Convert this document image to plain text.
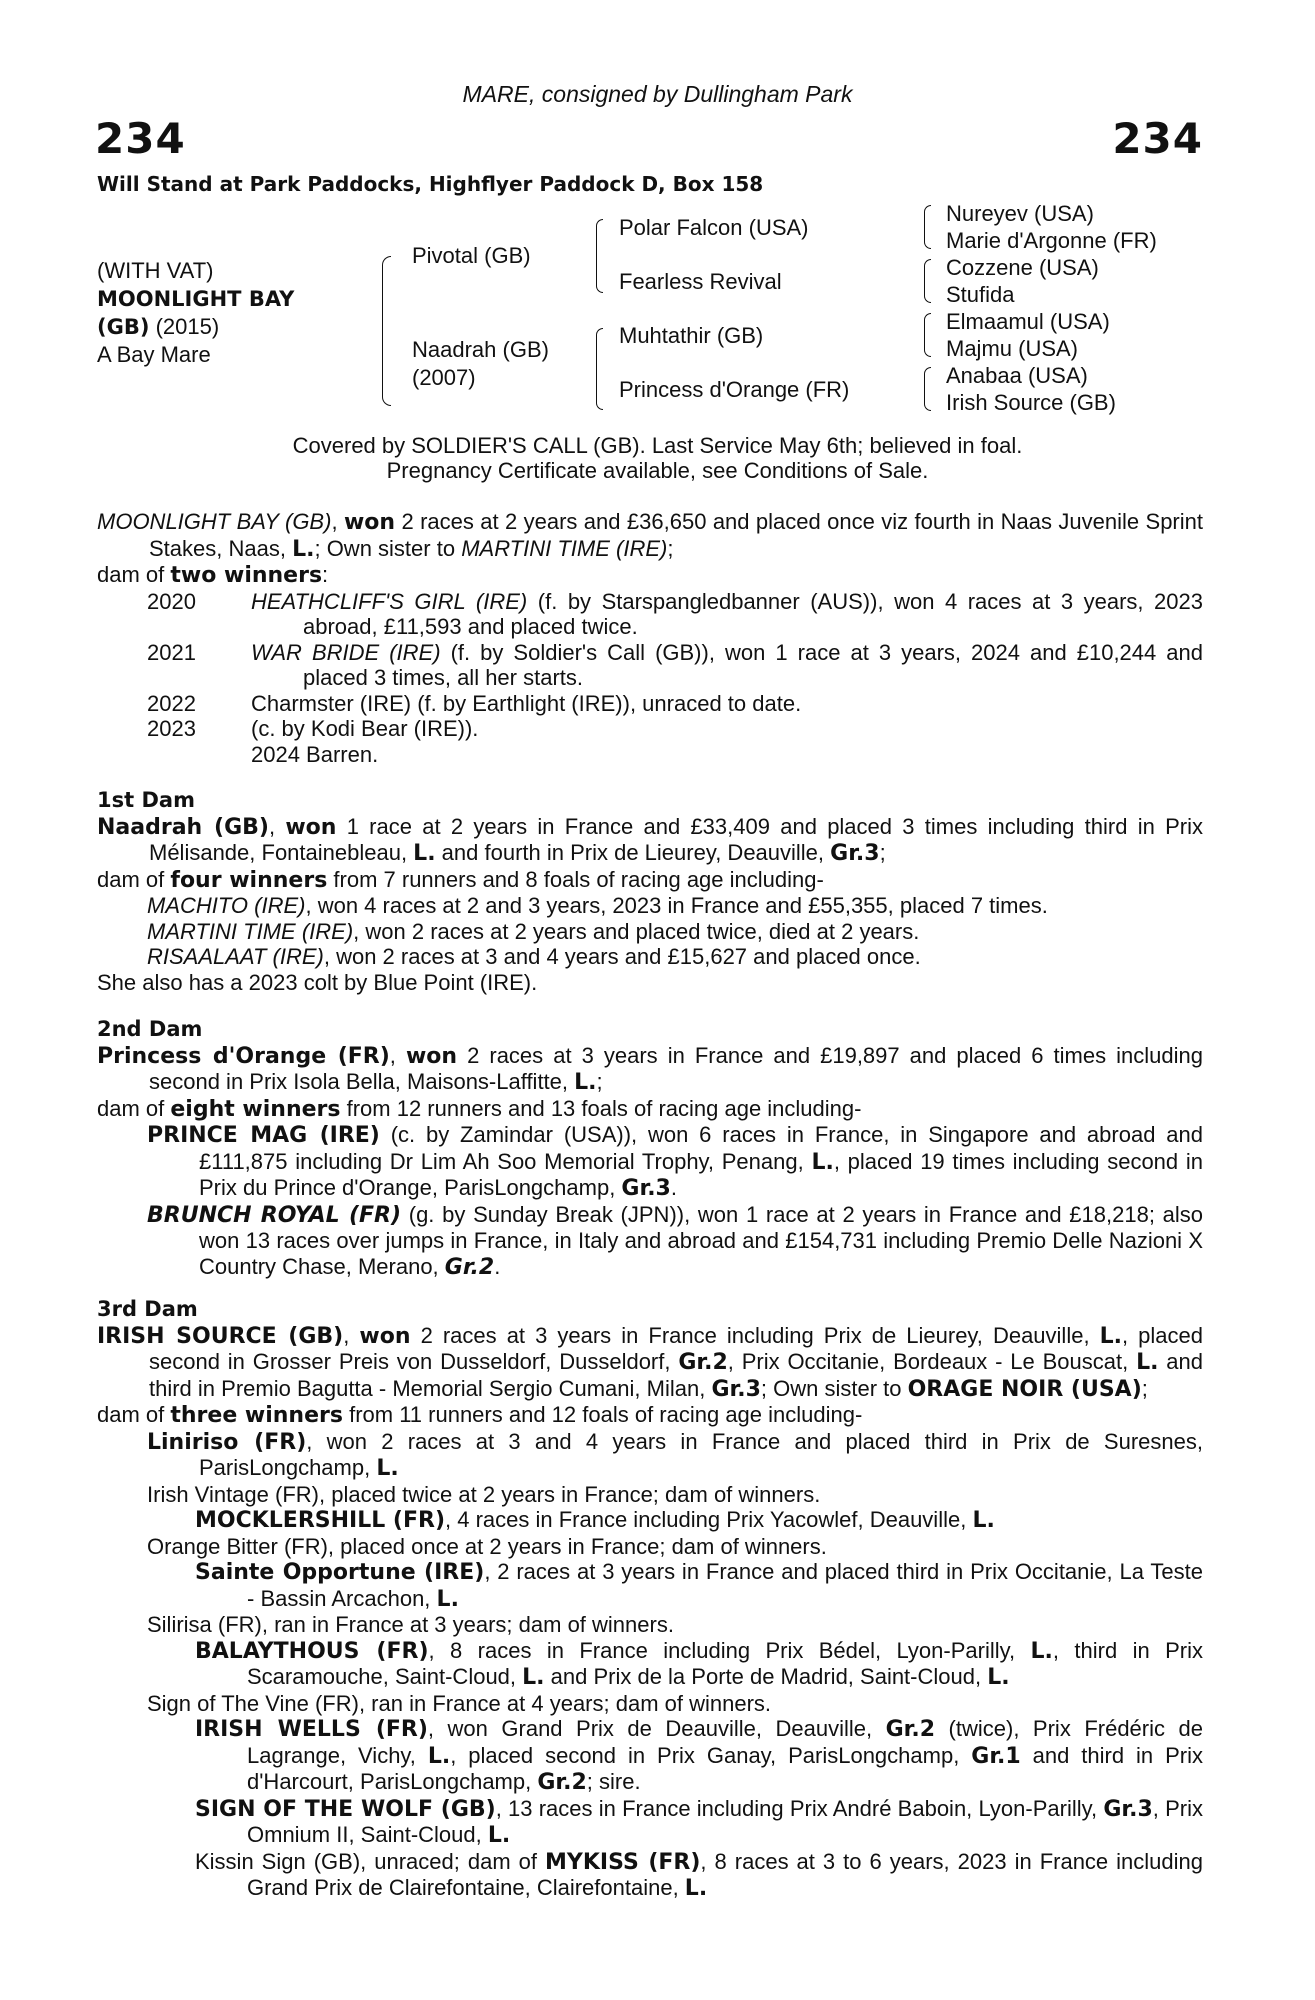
MARE, consigned by Dullingham Park
234	234
Will Stand at Park Paddocks, Highflyer Paddock D, Box 158
(WITH VAT)
MOONLIGHT BAY
(GB) (2015)
A Bay Mare
Pivotal (GB)
Naadrah (GB)
(2007)
Polar Falcon (USA)
Fearless Revival
Muhtathir (GB)
Princess d'Orange (FR)
Nureyev (USA)
Marie d'Argonne (FR)
Cozzene (USA)
Stufida
Elmaamul (USA)
Majmu (USA)
Anabaa (USA)
Irish Source (GB)
Covered by SOLDIER'S CALL (GB). Last Service May 6th; believed in foal.
Pregnancy Certificate available, see Conditions of Sale.
MOONLIGHT BAY (GB), won 2 races at 2 years and £36,650 and placed once viz fourth in Naas Juvenile Sprint Stakes, Naas, L.; Own sister to MARTINI TIME (IRE);
dam of two winners:
2020	HEATHCLIFF'S GIRL (IRE) (f. by Starspangledbanner (AUS)), won 4 races at 3 years, 2023 abroad, £11,593 and placed twice.
2021	WAR BRIDE (IRE) (f. by Soldier's Call (GB)), won 1 race at 3 years, 2024 and £10,244 and placed 3 times, all her starts.
2022	Charmster (IRE) (f. by Earthlight (IRE)), unraced to date.
2023	(c. by Kodi Bear (IRE)).
2024 Barren.
1st Dam
Naadrah (GB), won 1 race at 2 years in France and £33,409 and placed 3 times including third in Prix Mélisande, Fontainebleau, L. and fourth in Prix de Lieurey, Deauville, Gr.3;
dam of four winners from 7 runners and 8 foals of racing age including-
MACHITO (IRE), won 4 races at 2 and 3 years, 2023 in France and £55,355, placed 7 times.
MARTINI TIME (IRE), won 2 races at 2 years and placed twice, died at 2 years.
RISAALAAT (IRE), won 2 races at 3 and 4 years and £15,627 and placed once.
She also has a 2023 colt by Blue Point (IRE).
2nd Dam
Princess d'Orange (FR), won 2 races at 3 years in France and £19,897 and placed 6 times including second in Prix Isola Bella, Maisons-Laffitte, L.;
dam of eight winners from 12 runners and 13 foals of racing age including-
PRINCE MAG (IRE) (c. by Zamindar (USA)), won 6 races in France, in Singapore and abroad and £111,875 including Dr Lim Ah Soo Memorial Trophy, Penang, L., placed 19 times including second in Prix du Prince d'Orange, ParisLongchamp, Gr.3.
BRUNCH ROYAL (FR) (g. by Sunday Break (JPN)), won 1 race at 2 years in France and £18,218; also won 13 races over jumps in France, in Italy and abroad and £154,731 including Premio Delle Nazioni X Country Chase, Merano, Gr.2.
3rd Dam
IRISH SOURCE (GB), won 2 races at 3 years in France including Prix de Lieurey, Deauville, L., placed second in Grosser Preis von Dusseldorf, Dusseldorf, Gr.2, Prix Occitanie, Bordeaux - Le Bouscat, L. and third in Premio Bagutta - Memorial Sergio Cumani, Milan, Gr.3; Own sister to ORAGE NOIR (USA);
dam of three winners from 11 runners and 12 foals of racing age including-
Liniriso (FR), won 2 races at 3 and 4 years in France and placed third in Prix de Suresnes, ParisLongchamp, L.
Irish Vintage (FR), placed twice at 2 years in France; dam of winners.
MOCKLERSHILL (FR), 4 races in France including Prix Yacowlef, Deauville, L.
Orange Bitter (FR), placed once at 2 years in France; dam of winners.
Sainte Opportune (IRE), 2 races at 3 years in France and placed third in Prix Occitanie, La Teste - Bassin Arcachon, L.
Silirisa (FR), ran in France at 3 years; dam of winners.
BALAYTHOUS (FR), 8 races in France including Prix Bédel, Lyon-Parilly, L., third in Prix Scaramouche, Saint-Cloud, L. and Prix de la Porte de Madrid, Saint-Cloud, L.
Sign of The Vine (FR), ran in France at 4 years; dam of winners.
IRISH WELLS (FR), won Grand Prix de Deauville, Deauville, Gr.2 (twice), Prix Frédéric de Lagrange, Vichy, L., placed second in Prix Ganay, ParisLongchamp, Gr.1 and third in Prix d'Harcourt, ParisLongchamp, Gr.2; sire.
SIGN OF THE WOLF (GB), 13 races in France including Prix André Baboin, Lyon-Parilly, Gr.3, Prix Omnium II, Saint-Cloud, L.
Kissin Sign (GB), unraced; dam of MYKISS (FR), 8 races at 3 to 6 years, 2023 in France including Grand Prix de Clairefontaine, Clairefontaine, L.
